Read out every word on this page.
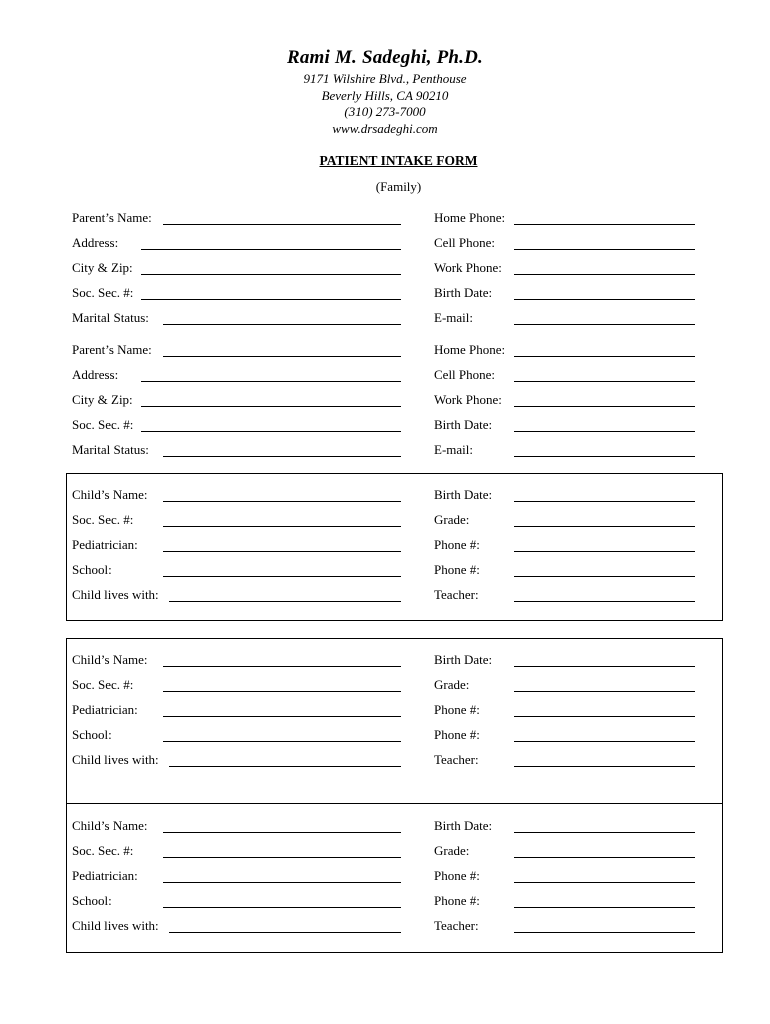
Rami M. Sadeghi, Ph.D.
9171 Wilshire Blvd., Penthouse
Beverly Hills, CA 90210
(310) 273-7000
www.drsadeghi.com
PATIENT INTAKE FORM
(Family)
Parent’s Name:	Home Phone:
Address:	Cell Phone:
City & Zip:	Work Phone:
Soc. Sec. #:	Birth Date:
Marital Status:	E-mail:
Parent’s Name:	Home Phone:
Address:	Cell Phone:
City & Zip:	Work Phone:
Soc. Sec. #:	Birth Date:
Marital Status:	E-mail:
Child’s Name:	Birth Date:
Soc. Sec. #:	Grade:
Pediatrician:	Phone #:
School:	Phone #:
Child lives with:	Teacher:
Child’s Name:	Birth Date:
Soc. Sec. #:	Grade:
Pediatrician:	Phone #:
School:	Phone #:
Child lives with:	Teacher:
Child’s Name:	Birth Date:
Soc. Sec. #:	Grade:
Pediatrician:	Phone #:
School:	Phone #:
Child lives with:	Teacher:
